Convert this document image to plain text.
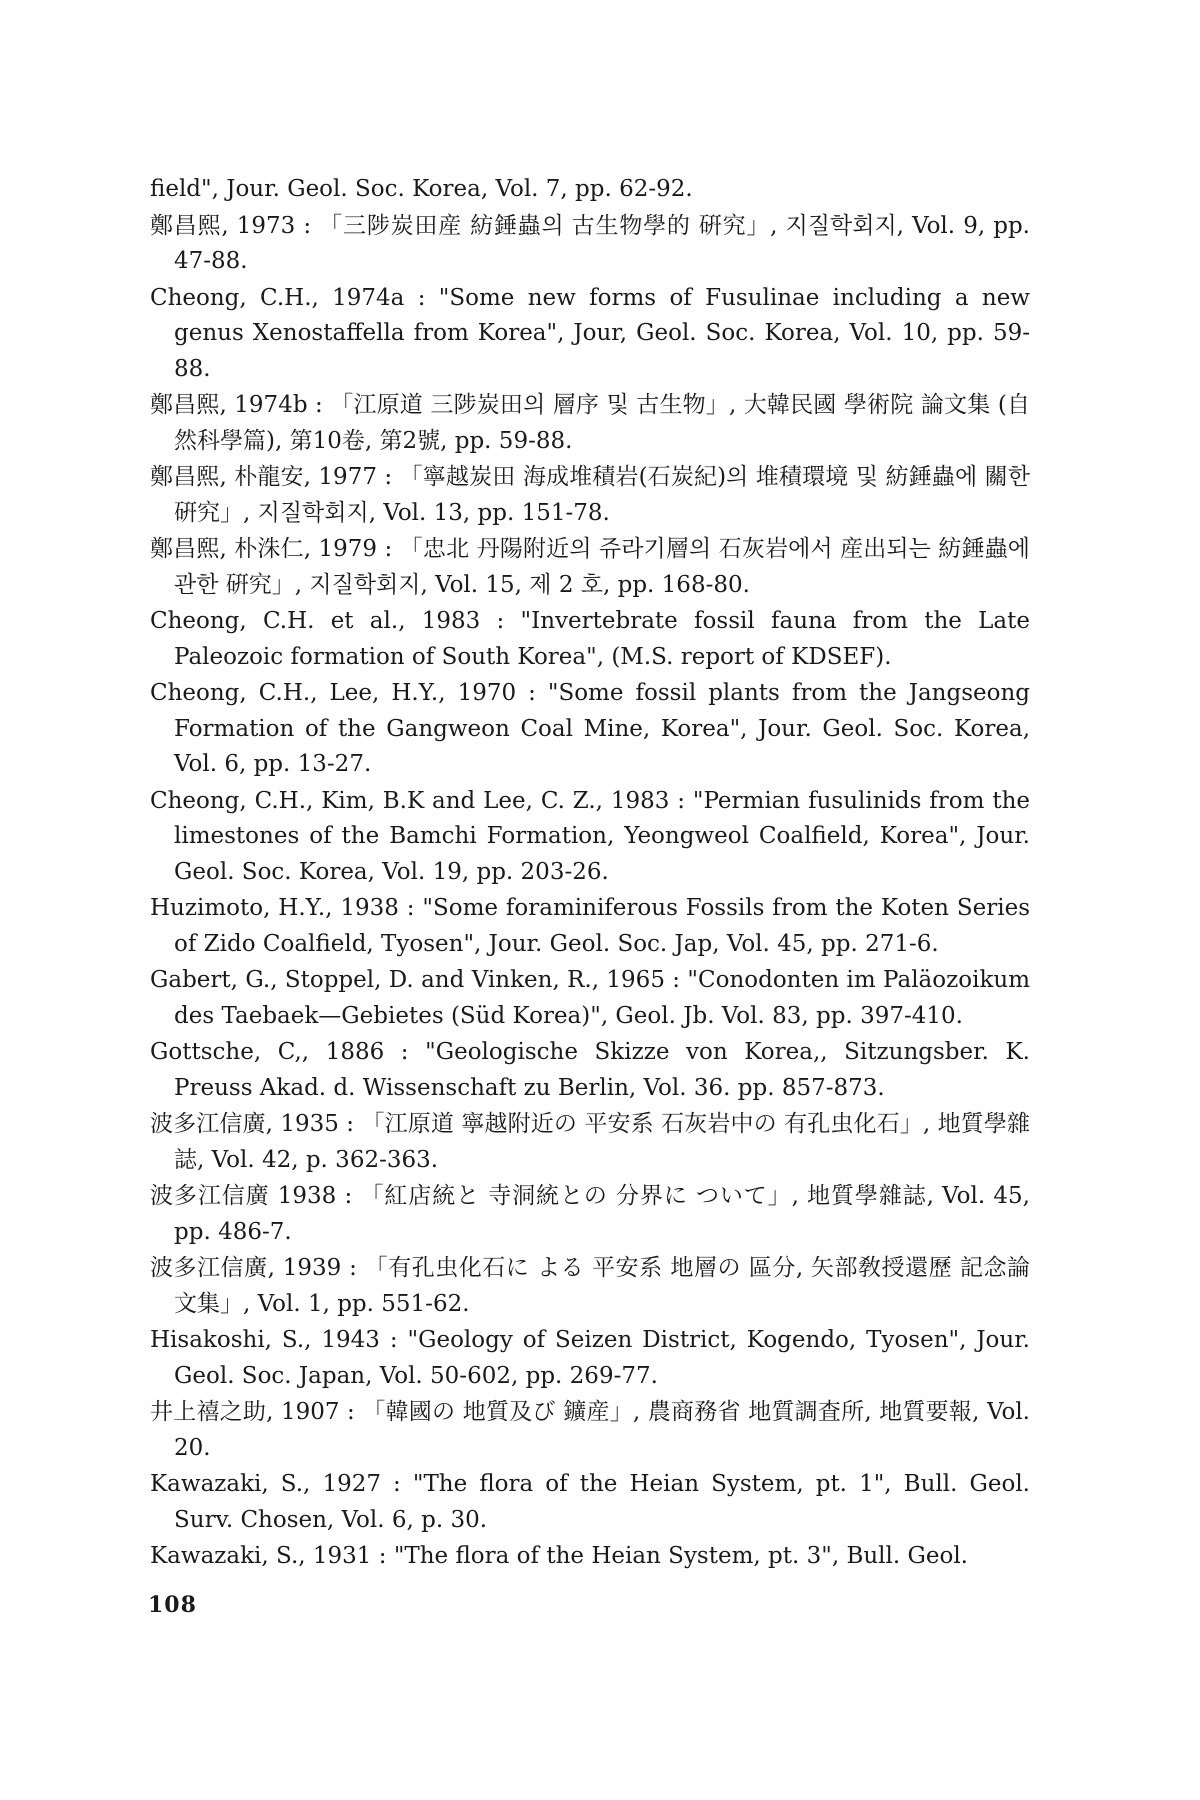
field", Jour. Geol. Soc. Korea, Vol. 7, pp. 62-92.

鄭昌熙, 1973 : 「三陟炭田産 紡錘蟲의 古生物學的 硏究」, 지질학회지, Vol. 9, pp. 47-88.

Cheong, C.H., 1974a : "Some new forms of Fusulinae including a new genus Xenostaffella from Korea", Jour, Geol. Soc. Korea, Vol. 10, pp. 59-88.

鄭昌熙, 1974b : 「江原道 三陟炭田의 層序 및 古生物」, 大韓民國 學術院 論文集 (自然科學篇), 第10卷, 第2號, pp. 59-88.

鄭昌熙, 朴龍安, 1977 : 「寧越炭田 海成堆積岩(石炭紀)의 堆積環境 및 紡錘蟲에 關한 硏究」, 지질학회지, Vol. 13, pp. 151-78.

鄭昌熙, 朴洙仁, 1979 : 「忠北 丹陽附近의 쥬라기層의 石灰岩에서 産出되는 紡錘蟲에 관한 硏究」, 지질학회지, Vol. 15, 제 2 호, pp. 168-80.

Cheong, C.H. et al., 1983 : "Invertebrate fossil fauna from the Late Paleozoic formation of South Korea", (M.S. report of KDSEF).

Cheong, C.H., Lee, H.Y., 1970 : "Some fossil plants from the Jangseong Formation of the Gangweon Coal Mine, Korea", Jour. Geol. Soc. Korea, Vol. 6, pp. 13-27.

Cheong, C.H., Kim, B.K and Lee, C. Z., 1983 : "Permian fusulinids from the limestones of the Bamchi Formation, Yeongweol Coalfield, Korea", Jour. Geol. Soc. Korea, Vol. 19, pp. 203-26.

Huzimoto, H.Y., 1938 : "Some foraminiferous Fossils from the Koten Series of Zido Coalfield, Tyosen", Jour. Geol. Soc. Jap, Vol. 45, pp. 271-6.

Gabert, G., Stoppel, D. and Vinken, R., 1965 : "Conodonten im Paläozoikum des Taebaek—Gebietes (Süd Korea)", Geol. Jb. Vol. 83, pp. 397-410.

Gottsche, C,, 1886 : "Geologische Skizze von Korea,, Sitzungsber. K. Preuss Akad. d. Wissenschaft zu Berlin, Vol. 36. pp. 857-873.

波多江信廣, 1935 : 「江原道 寧越附近の 平安系 石灰岩中の 有孔虫化石」, 地質學雜誌, Vol. 42, p. 362-363.

波多江信廣 1938 : 「紅店統と 寺洞統との 分界に ついて」, 地質學雜誌, Vol. 45, pp. 486-7.

波多江信廣, 1939 : 「有孔虫化石に よる 平安系 地層の 區分, 矢部敎授還歷 記念論文集」, Vol. 1, pp. 551-62.

Hisakoshi, S., 1943 : "Geology of Seizen District, Kogendo, Tyosen", Jour. Geol. Soc. Japan, Vol. 50-602, pp. 269-77.

井上禧之助, 1907 : 「韓國の 地質及び 鑛産」, 農商務省 地質調査所, 地質要報, Vol. 20.

Kawazaki, S., 1927 : "The flora of the Heian System, pt. 1", Bull. Geol. Surv. Chosen, Vol. 6, p. 30.

Kawazaki, S., 1931 : "The flora of the Heian System, pt. 3", Bull. Geol.

108
